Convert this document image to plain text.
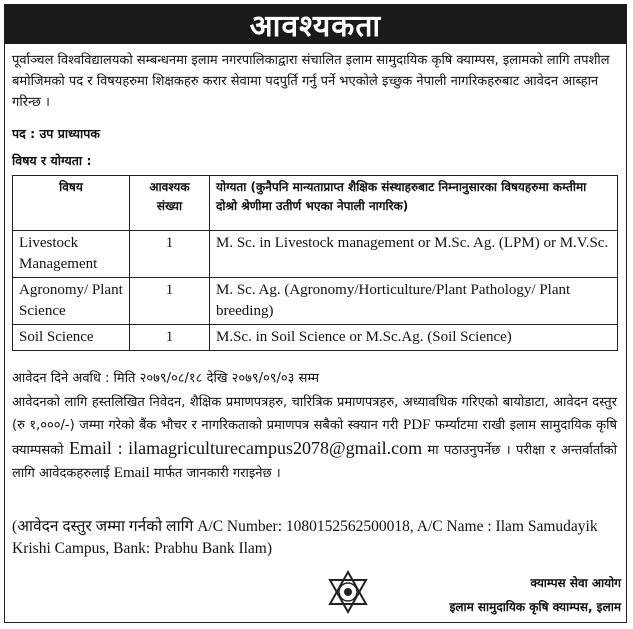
आवश्यकता
पूर्वाञ्चल विश्वविद्यालयको सम्बन्धनमा इलाम नगरपालिकाद्वारा संचालित इलाम सामुदायिक कृषि क्याम्पस, इलामको लागि तपशील बमोजिमको पद र विषयहरुमा शिक्षकहरु करार सेवामा पदपुर्ति गर्नु पर्ने भएकोले इच्छुक नेपाली नागरिकहरुबाट आवेदन आब्हान गरिन्छ ।
पद : उप प्राध्यापक
विषय र योग्यता :
विषय	आवश्यक संख्या	योग्यता (कुनैपनि मान्यताप्राप्त शैक्षिक संस्थाहरुबाट निम्नानुसारका विषयहरुमा कम्तीमा दोश्रो श्रेणीमा उतीर्ण भएका नेपाली नागरिक)
Livestock Management	1	M. Sc. in Livestock management or M.Sc. Ag. (LPM) or M.V.Sc.
Agronomy/ Plant Science	1	M. Sc. Ag. (Agronomy/Horticulture/Plant Pathology/ Plant breeding)
Soil Science	1	M.Sc. in Soil Science or M.Sc.Ag. (Soil Science)
आवेदन दिने अवधि : मिति २०७९/०८/१८ देखि २०७९/०९/०३ सम्म
आवेदनको लागि हस्तलिखित निवेदन, शैक्षिक प्रमाणपत्रहरु, चारित्रिक प्रमाणपत्रहरु, अध्यावधिक गरिएको बायोडाटा, आवेदन दस्तुर (रु १,०००/-) जम्मा गरेको बैंक भौचर र नागरिकताको प्रमाणपत्र सबैको स्क्यान गरी PDF फर्म्याटमा राखी इलाम सामुदायिक कृषि क्याम्पसको Email : ilamagriculturecampus2078@gmail.com मा पठाउनुपर्नेछ । परीक्षा र अन्तर्वार्ताको लागि आवेदकहरुलाई Email मार्फत जानकारी गराइनेछ ।
(आवेदन दस्तुर जम्मा गर्नको लागि A/C Number: 1080152562500018, A/C Name : Ilam Samudayik Krishi Campus, Bank: Prabhu Bank Ilam)
क्याम्पस सेवा आयोग
इलाम सामुदायिक कृषि क्याम्पस, इलाम
